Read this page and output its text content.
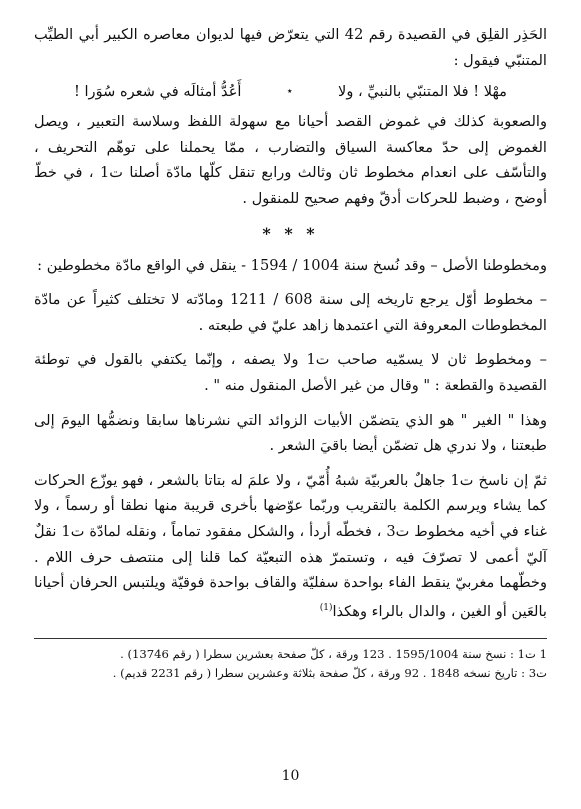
الحَذِر القلِق في القصيدة رقم 42 التي يتعرّض فيها لديوان معاصره الكبير أبي الطيِّب المتنبّي فيقول :

مهْلا ! فلا المتنبّي بالنبيِّ ، ولا
٭
أَعُدُّ أمثالَه في شعره سُوَرا !

والصعوبة كذلك في غموض القصد أحيانا مع سهولة اللفظ وسلاسة التعبير ، ويصل الغموض إلى حدّ معاكسة السياق والتضارب ، ممّا يحملنا على توهّم التحريف ، والتأسّف على انعدام مخطوط ثان وثالث ورابع تنقل كلّها مادّة أصلنا ت1 ، في خطّ أوضح ، وضبط للحركات أدقّ وفهم صحيح للمنقول .

* * *

ومخطوطنا الأصل – وقد نُسخ سنة 1004 / 1594 - ينقل في الواقع مادّة مخطوطين :

– مخطوط أوّل يرجع تاريخه إلى سنة 608 / 1211 ومادّته لا تختلف كثيراً عن مادّة المخطوطات المعروفة التي اعتمدها زاهد عليّ في طبعته .

– ومخطوط ثان لا يسمّيه صاحب ت1 ولا يصفه ، وإنّما يكتفي بالقول في توطئة القصيدة والقطعة : " وقال من غير الأصل المنقول منه " .

وهذا " الغير " هو الذي يتضمّن الأبيات الزوائد التي نشرناها سابقا ونضمُّها اليومَ إلى طبعتنا ، ولا ندري هل تضمّن أيضا باقيَ الشعر .

ثمّ إن ناسخ ت1 جاهلٌ بالعربيّة شبهُ أُمّيّ ، ولا علمَ له بتاتا بالشعر ، فهو يوزّع الحركات كما يشاء ويرسم الكلمة بالتقريب وربّما عوّضها بأخرى قريبة منها نطقا أو رسماً ، ولا غناء في أخيه مخطوط ت3 ، فخطّه أردأ ، والشكل مفقود تماماً ، ونقله لمادّة ت1 نقلٌ آليّ أعمى لا تصرّفَ فيه ، وتستمرّ هذه التبعيّة كما قلنا إلى منتصف حرف اللام . وخطّهما مغربيّ ينقط الفاء بواحدة سفليّة والقاف بواحدة فوقيّة ويلتبس الحرفان أحيانا بالعَين أو الغين ، والدال بالراء وهكذا$^{(1)}$

1 ت1 : نسخ سنة 1595/1004 . 123 ورقة ، كلّ صفحة بعشرين سطرا ( رقم 13746) .

ت3 : تاريخ نسخه 1848 . 92 ورقة ، كلّ صفحة بثلاثة وعشرين سطرا ( رقم 2231 قديم) .

10
